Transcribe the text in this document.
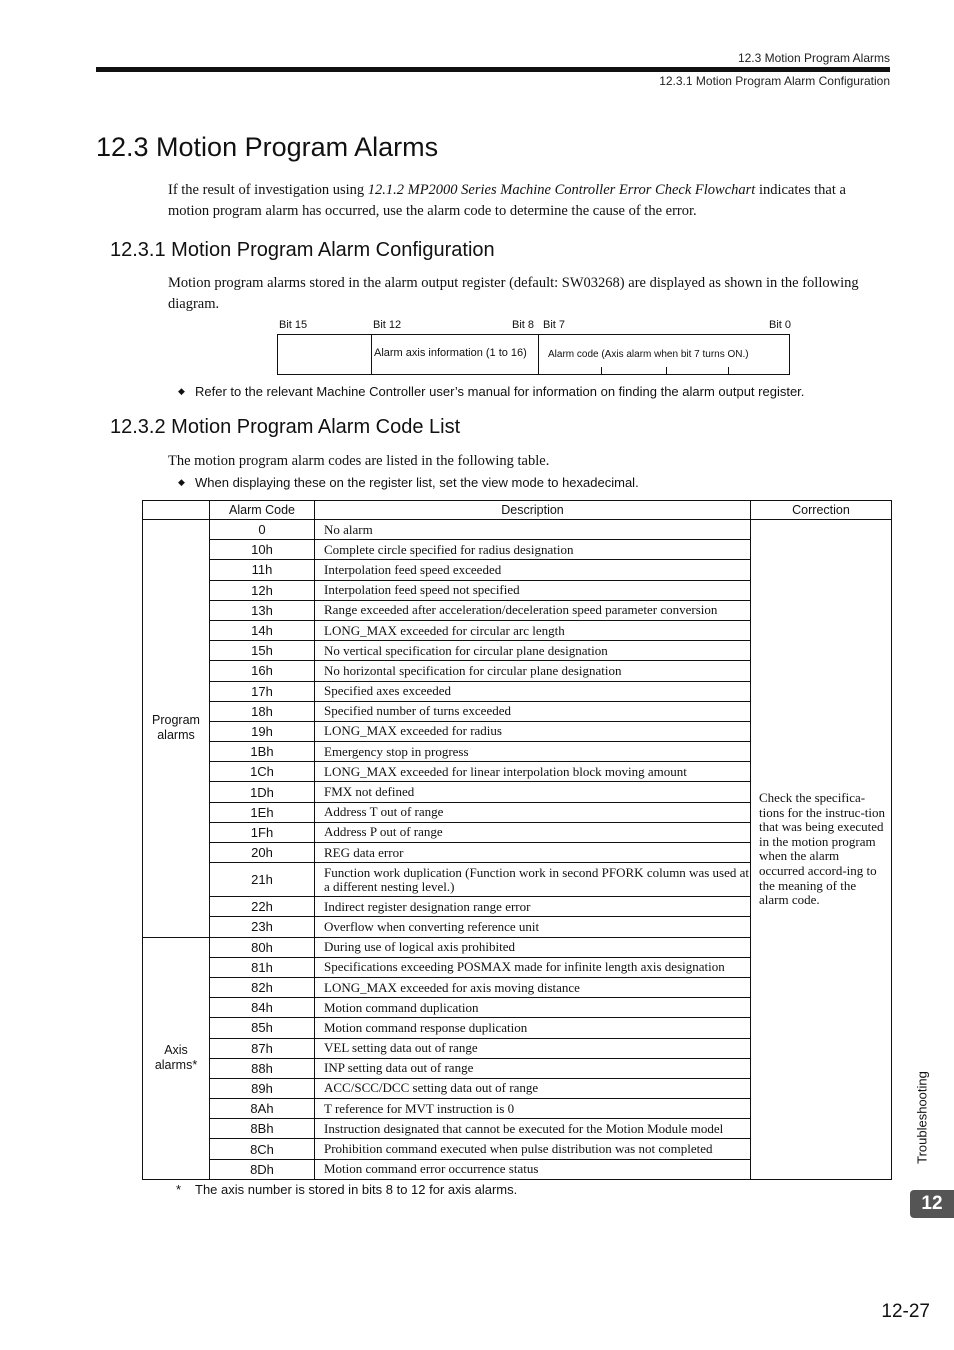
12.3 Motion Program Alarms
12.3.1 Motion Program Alarm Configuration
12.3 Motion Program Alarms
If the result of investigation using 12.1.2 MP2000 Series Machine Controller Error Check Flowchart indicates that a motion program alarm has occurred, use the alarm code to determine the cause of the error.
12.3.1 Motion Program Alarm Configuration
Motion program alarms stored in the alarm output register (default: SW03268) are displayed as shown in the following diagram.
Bit 15	Bit 12	Bit 8 Bit 7	Bit 0
Alarm axis information (1 to 16) Alarm code (Axis alarm when bit 7 turns ON.)
◆ Refer to the relevant Machine Controller user’s manual for information on finding the alarm output register.
12.3.2 Motion Program Alarm Code List
The motion program alarm codes are listed in the following table.
◆ When displaying these on the register list, set the view mode to hexadecimal.
	Alarm Code	Description	Correction
Program alarms	0	No alarm	Check the specifica-tions for the instruc-tion that was being executed in the motion program when the alarm occurred accord-ing to the meaning of the alarm code.
	10h	Complete circle specified for radius designation	
	11h	Interpolation feed speed exceeded	
	12h	Interpolation feed speed not specified	
	13h	Range exceeded after acceleration/deceleration speed parameter conversion	
	14h	LONG_MAX exceeded for circular arc length	
	15h	No vertical specification for circular plane designation	
	16h	No horizontal specification for circular plane designation	
	17h	Specified axes exceeded	
	18h	Specified number of turns exceeded	
	19h	LONG_MAX exceeded for radius	
	1Bh	Emergency stop in progress	
	1Ch	LONG_MAX exceeded for linear interpolation block moving amount	
	1Dh	FMX not defined	
	1Eh	Address T out of range	
	1Fh	Address P out of range	
	20h	REG data error	
	21h	Function work duplication (Function work in second PFORK column was used at a different nesting level.)	
	22h	Indirect register designation range error	
	23h	Overflow when converting reference unit	
Axis alarms*	80h	During use of logical axis prohibited	
	81h	Specifications exceeding POSMAX made for infinite length axis designation	
	82h	LONG_MAX exceeded for axis moving distance	
	84h	Motion command duplication	
	85h	Motion command response duplication	
	87h	VEL setting data out of range	
	88h	INP setting data out of range	
	89h	ACC/SCC/DCC setting data out of range	
	8Ah	T reference for MVT instruction is 0	
	8Bh	Instruction designated that cannot be executed for the Motion Module model	
	8Ch	Prohibition command executed when pulse distribution was not completed	
	8Dh	Motion command error occurrence status	
* The axis number is stored in bits 8 to 12 for axis alarms.
Troubleshooting
12
12-27
